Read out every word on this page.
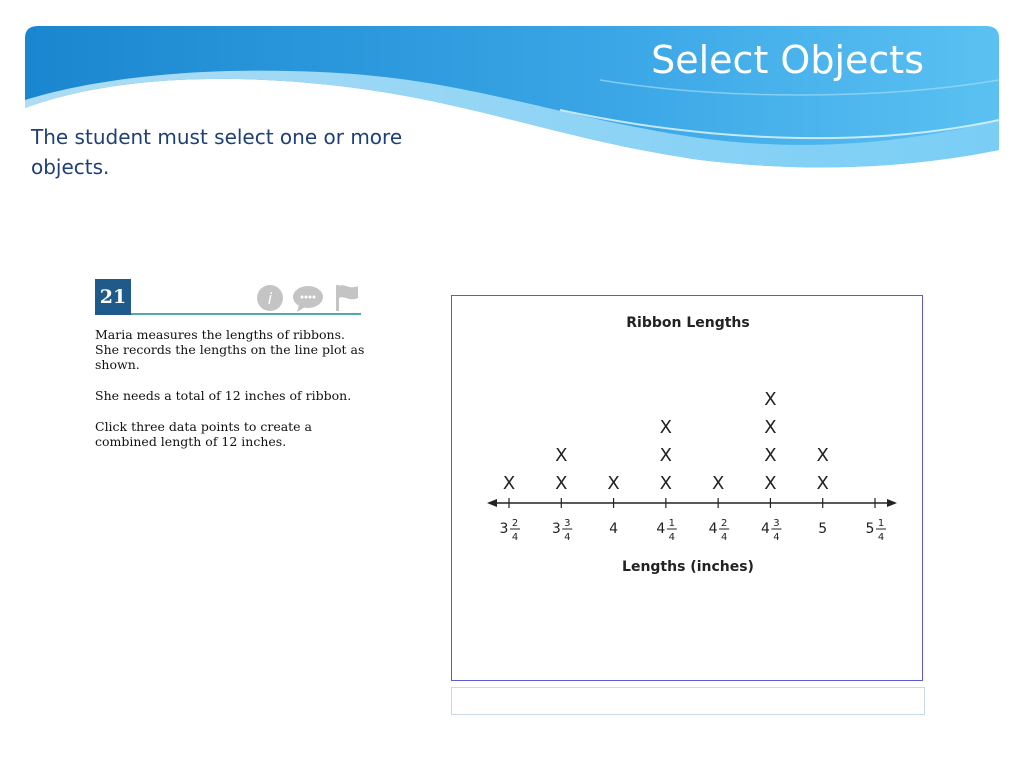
Select Objects
The student must select one or more objects.
21	i

Maria measures the lengths of ribbons. She records the lengths on the line plot as shown.

She needs a total of 12 inches of ribbon.

Click three data points to create a combined length of 12 inches.

Ribbon Lengths
3 2
4
3 3
4
4	4 1
4
4 2
4
4 3
4
5	5 1
4
X X
X
X X
X
X
X X
X
X
X
X
X
Lengths (inches)
